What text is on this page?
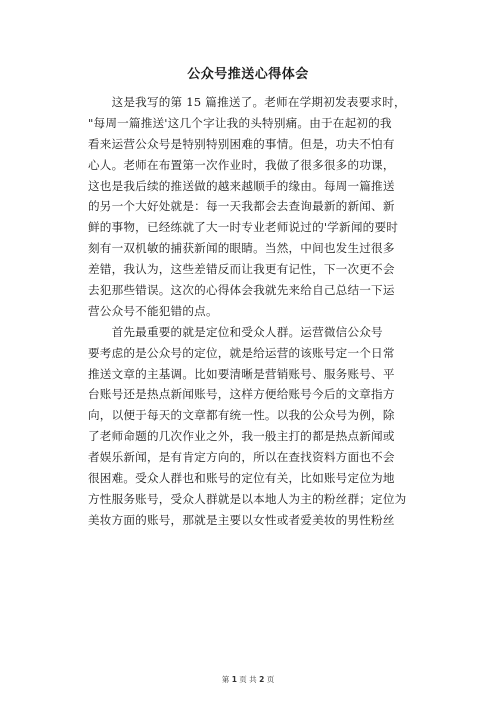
公众号推送心得体会
　　这是我写的第 15 篇推送了。老师在学期初发表要求时，
"每周一篇推送'这几个字让我的头特别痛。由于在起初的我
看来运营公众号是特别特别困难的事情。但是，功夫不怕有
心人。老师在布置第一次作业时，我做了很多很多的功课，
这也是我后续的推送做的越来越顺手的缘由。每周一篇推送
的另一个大好处就是：每一天我都会去查询最新的新闻、新
鲜的事物，已经练就了大一时专业老师说过的'学新闻的要时
刻有一双机敏的捕获新闻的眼睛。当然，中间也发生过很多
差错，我认为，这些差错反而让我更有记性，下一次更不会
去犯那些错误。这次的心得体会我就先来给自己总结一下运
营公众号不能犯错的点。
　　首先最重要的就是定位和受众人群。运营微信公众号
要考虑的是公众号的定位，就是给运营的该账号定一个日常
推送文章的主基调。比如要清晰是营销账号、服务账号、平
台账号还是热点新闻账号，这样方便给账号今后的文章指方
向，以便于每天的文章都有统一性。以我的公众号为例，除
了老师命题的几次作业之外，我一般主打的都是热点新闻或
者娱乐新闻，是有肯定方向的，所以在查找资料方面也不会
很困难。受众人群也和账号的定位有关，比如账号定位为地
方性服务账号，受众人群就是以本地人为主的粉丝群；定位为
美妆方面的账号，那就是主要以女性或者爱美妆的男性粉丝
第 1 页 共 2 页
